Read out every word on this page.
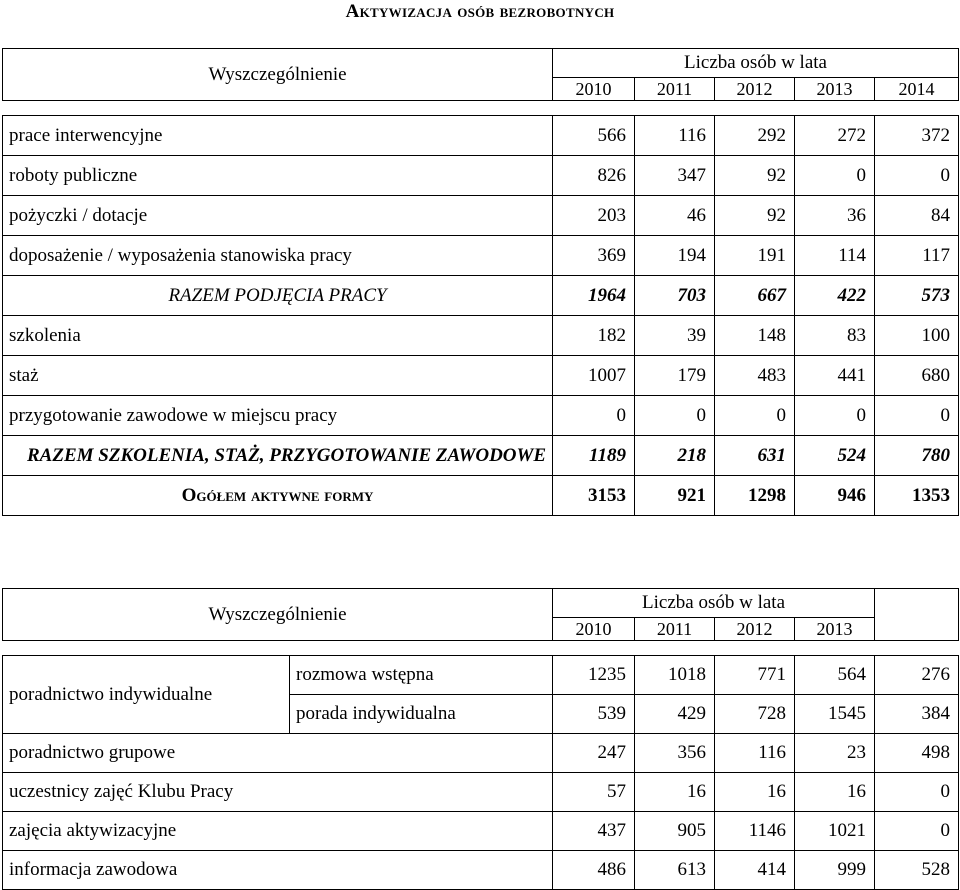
Aktywizacja osób bezrobotnych
Wyszczególnienie	Liczba osób w lata				
	2010	2011	2012	2013	2014

prace interwencyjne	566	116	292	272	372
roboty publiczne	826	347	92	0	0
pożyczki / dotacje	203	46	92	36	84
doposażenie / wyposażenia stanowiska pracy	369	194	191	114	117
RAZEM PODJĘCIA PRACY	1964	703	667	422	573
szkolenia	182	39	148	83	100
staż	1007	179	483	441	680
przygotowanie zawodowe w miejscu pracy	0	0	0	0	0
RAZEM SZKOLENIA, STAŻ, PRZYGOTOWANIE ZAWODOWE	1189	218	631	524	780
Ogółem aktywne formy	3153	921	1298	946	1353
Wyszczególnienie		Liczba osób w lata				
		2010	2011	2012	2013	

poradnictwo indywidualne	rozmowa wstępna	1235	1018	771	564	276
	porada indywidualna	539	429	728	1545	384
poradnictwo grupowe		247	356	116	23	498
uczestnicy zajęć Klubu Pracy		57	16	16	16	0
zajęcia aktywizacyjne		437	905	1146	1021	0
informacja zawodowa		486	613	414	999	528
